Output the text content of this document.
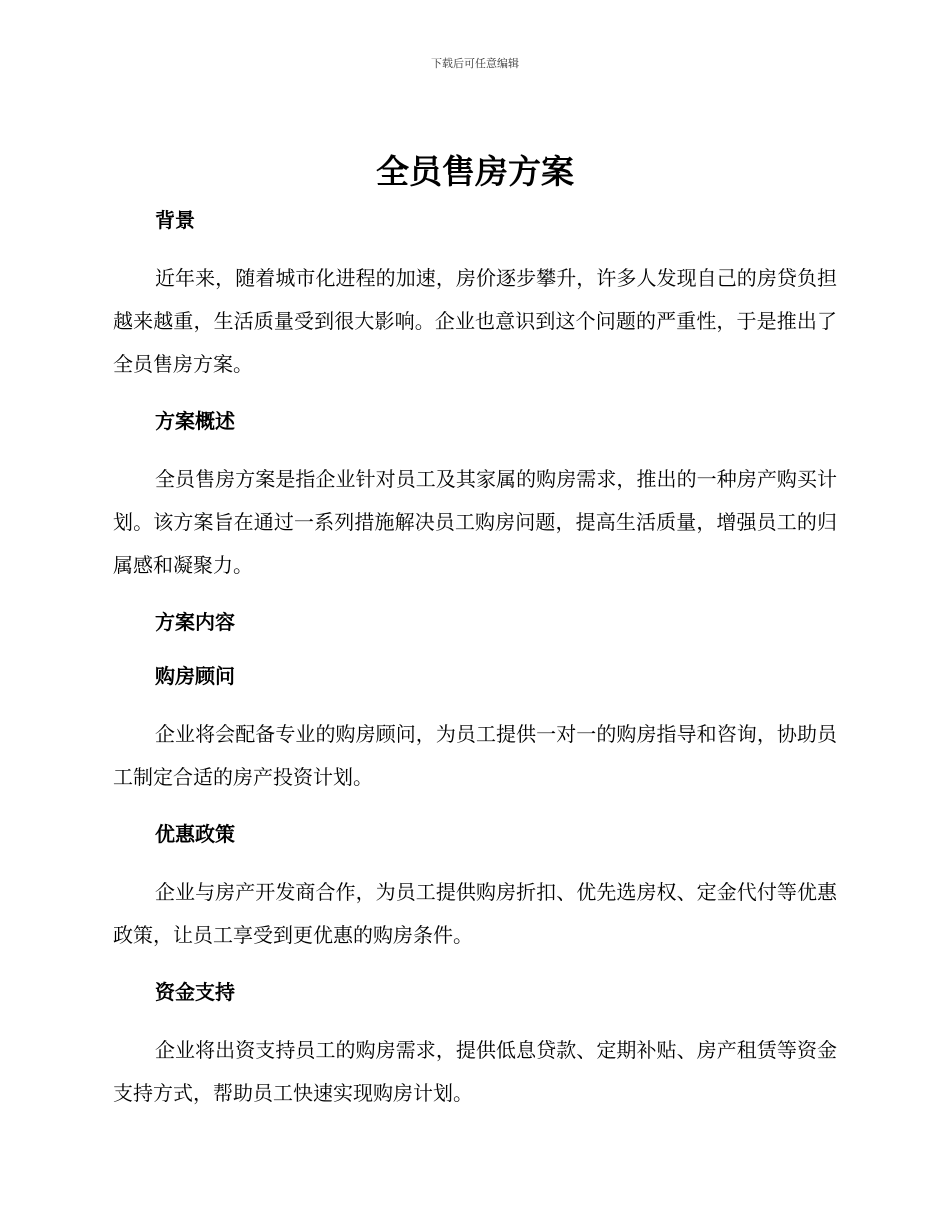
下载后可任意编辑
全员售房方案
背景

近年来，随着城市化进程的加速，房价逐步攀升，许多人发现自己的房贷负担越来越重，生活质量受到很大影响。企业也意识到这个问题的严重性，于是推出了全员售房方案。

方案概述

全员售房方案是指企业针对员工及其家属的购房需求，推出的一种房产购买计划。该方案旨在通过一系列措施解决员工购房问题，提高生活质量，增强员工的归属感和凝聚力。

方案内容
购房顾问

企业将会配备专业的购房顾问，为员工提供一对一的购房指导和咨询，协助员工制定合适的房产投资计划。

优惠政策

企业与房产开发商合作，为员工提供购房折扣、优先选房权、定金代付等优惠政策，让员工享受到更优惠的购房条件。

资金支持

企业将出资支持员工的购房需求，提供低息贷款、定期补贴、房产租赁等资金支持方式，帮助员工快速实现购房计划。
